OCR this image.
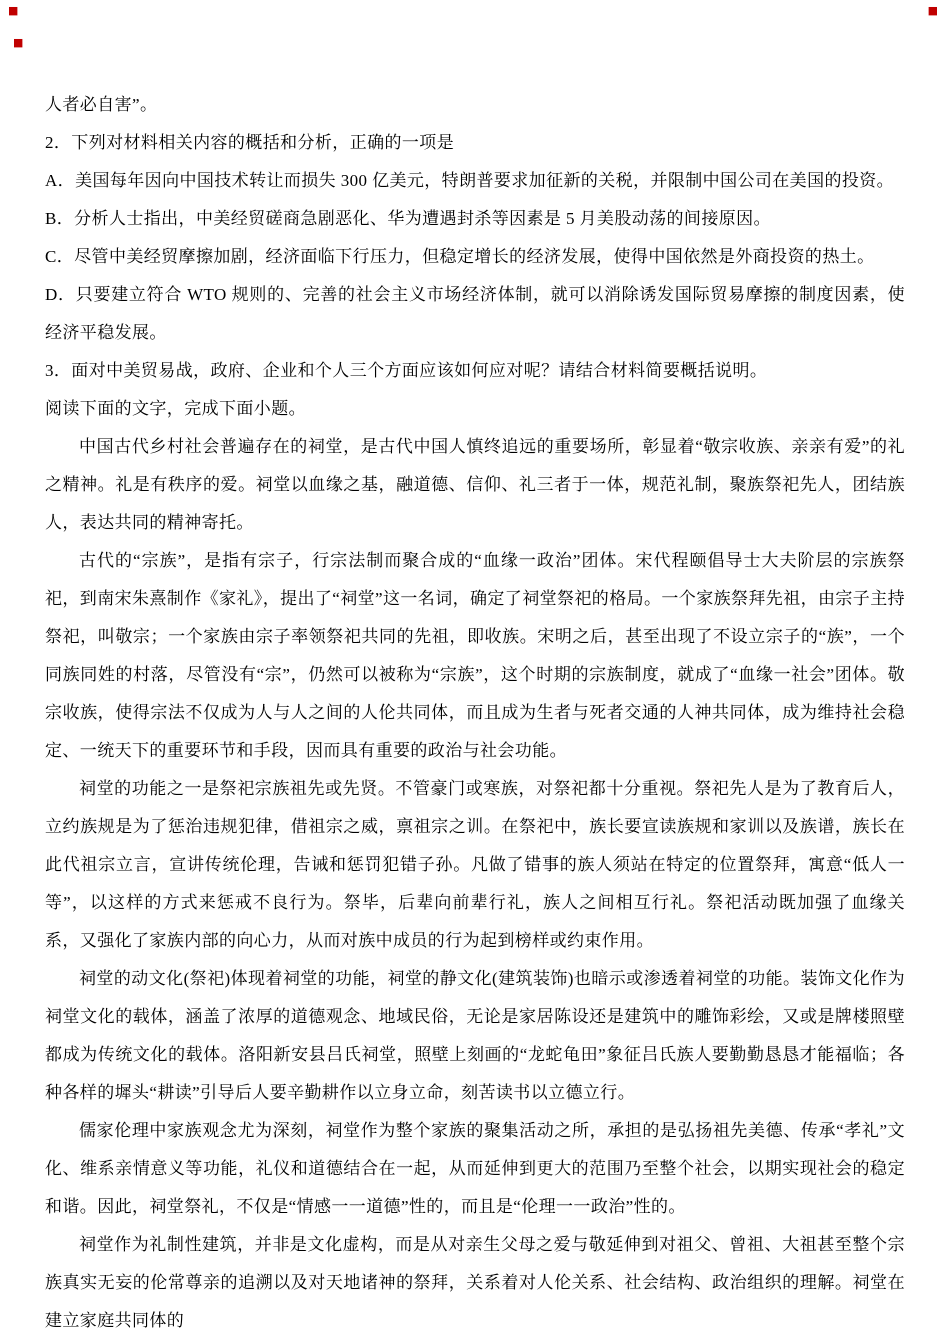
■	■
■

人者必自害”。

2．下列对材料相关内容的概括和分析，正确的一项是

A．美国每年因向中国技术转让而损失 300 亿美元，特朗普要求加征新的关税，并限制中国公司在美国的投资。

B．分析人士指出，中美经贸磋商急剧恶化、华为遭遇封杀等因素是 5 月美股动荡的间接原因。

C．尽管中美经贸摩擦加剧，经济面临下行压力，但稳定增长的经济发展，使得中国依然是外商投资的热土。

D．只要建立符合 WTO 规则的、完善的社会主义市场经济体制，就可以消除诱发国际贸易摩擦的制度因素，使经济平稳发展。

3．面对中美贸易战，政府、企业和个人三个方面应该如何应对呢？请结合材料简要概括说明。

阅读下面的文字，完成下面小题。

中国古代乡村社会普遍存在的祠堂，是古代中国人慎终追远的重要场所，彰显着“敬宗收族、亲亲有爱”的礼之精神。礼是有秩序的爱。祠堂以血缘之基，融道德、信仰、礼三者于一体，规范礼制，聚族祭祀先人，团结族人，表达共同的精神寄托。

古代的“宗族”，是指有宗子，行宗法制而聚合成的“血缘一政治”团体。宋代程颐倡导士大夫阶层的宗族祭祀，到南宋朱熹制作《家礼》，提出了“祠堂”这一名词，确定了祠堂祭祀的格局。一个家族祭拜先祖，由宗子主持祭祀，叫敬宗；一个家族由宗子率领祭祀共同的先祖，即收族。宋明之后，甚至出现了不设立宗子的“族”，一个同族同姓的村落，尽管没有“宗”，仍然可以被称为“宗族”，这个时期的宗族制度，就成了“血缘一社会”团体。敬宗收族，使得宗法不仅成为人与人之间的人伦共同体，而且成为生者与死者交通的人神共同体，成为维持社会稳定、一统天下的重要环节和手段，因而具有重要的政治与社会功能。

祠堂的功能之一是祭祀宗族祖先或先贤。不管豪门或寒族，对祭祀都十分重视。祭祀先人是为了教育后人，立约族规是为了惩治违规犯律，借祖宗之威，禀祖宗之训。在祭祀中，族长要宣读族规和家训以及族谱，族长在此代祖宗立言，宣讲传统伦理，告诫和惩罚犯错子孙。凡做了错事的族人须站在特定的位置祭拜，寓意“低人一等”，以这样的方式来惩戒不良行为。祭毕，后辈向前辈行礼，族人之间相互行礼。祭祀活动既加强了血缘关系，又强化了家族内部的向心力，从而对族中成员的行为起到榜样或约束作用。

祠堂的动文化(祭祀)体现着祠堂的功能，祠堂的静文化(建筑装饰)也暗示或渗透着祠堂的功能。装饰文化作为祠堂文化的载体，涵盖了浓厚的道德观念、地域民俗，无论是家居陈设还是建筑中的雕饰彩绘，又或是牌楼照壁都成为传统文化的载体。洛阳新安县吕氏祠堂，照壁上刻画的“龙蛇龟田”象征吕氏族人要勤勤恳恳才能福临；各种各样的墀头“耕读”引导后人要辛勤耕作以立身立命，刻苦读书以立德立行。

儒家伦理中家族观念尤为深刻，祠堂作为整个家族的聚集活动之所，承担的是弘扬祖先美德、传承“孝礼”文化、维系亲情意义等功能，礼仪和道德结合在一起，从而延伸到更大的范围乃至整个社会，以期实现社会的稳定和谐。因此，祠堂祭礼，不仅是“情感一一道德”性的，而且是“伦理一一政治”性的。

祠堂作为礼制性建筑，并非是文化虚构，而是从对亲生父母之爱与敬延伸到对祖父、曾祖、大祖甚至整个宗族真实无妄的伦常尊亲的追溯以及对天地诸神的祭拜，关系着对人伦关系、社会结构、政治组织的理解。祠堂在建立家庭共同体的
